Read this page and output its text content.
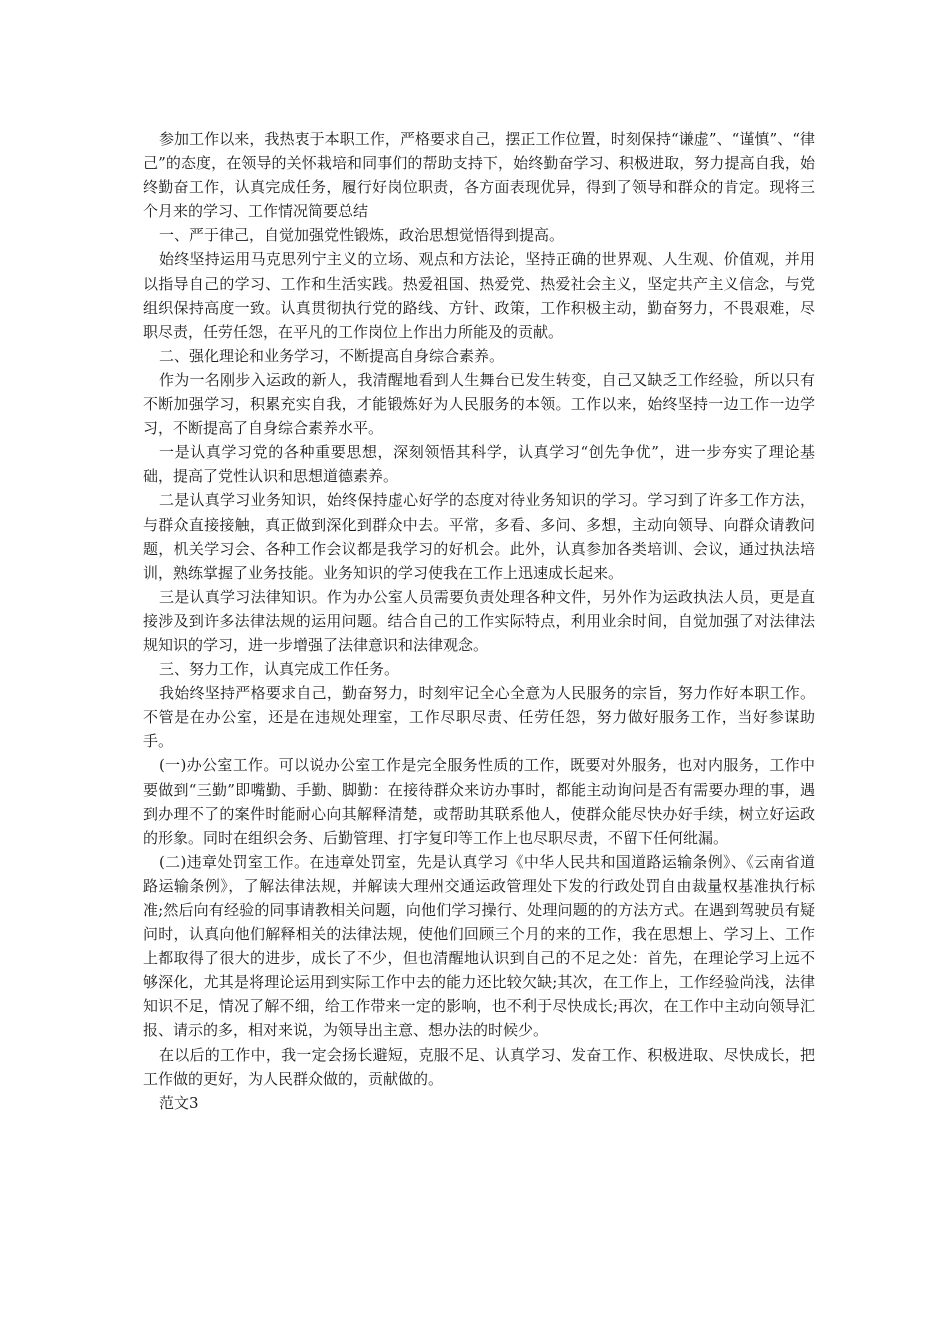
参加工作以来，我热衷于本职工作，严格要求自己，摆正工作位置，时刻保持“谦虚”、“谨慎”、“律己”的态度，在领导的关怀栽培和同事们的帮助支持下，始终勤奋学习、积极进取，努力提高自我，始终勤奋工作，认真完成任务，履行好岗位职责，各方面表现优异，得到了领导和群众的肯定。现将三个月来的学习、工作情况简要总结

一、严于律己，自觉加强党性锻炼，政治思想觉悟得到提高。

始终坚持运用马克思列宁主义的立场、观点和方法论，坚持正确的世界观、人生观、价值观，并用以指导自己的学习、工作和生活实践。热爱祖国、热爱党、热爱社会主义，坚定共产主义信念，与党组织保持高度一致。认真贯彻执行党的路线、方针、政策，工作积极主动，勤奋努力，不畏艰难，尽职尽责，任劳任怨，在平凡的工作岗位上作出力所能及的贡献。

二、强化理论和业务学习，不断提高自身综合素养。

作为一名刚步入运政的新人，我清醒地看到人生舞台已发生转变，自己又缺乏工作经验，所以只有不断加强学习，积累充实自我，才能锻炼好为人民服务的本领。工作以来，始终坚持一边工作一边学习，不断提高了自身综合素养水平。

一是认真学习党的各种重要思想，深刻领悟其科学，认真学习“创先争优”，进一步夯实了理论基础，提高了党性认识和思想道德素养。

二是认真学习业务知识，始终保持虚心好学的态度对待业务知识的学习。学习到了许多工作方法，与群众直接接触，真正做到深化到群众中去。平常，多看、多问、多想，主动向领导、向群众请教问题，机关学习会、各种工作会议都是我学习的好机会。此外，认真参加各类培训、会议，通过执法培训，熟练掌握了业务技能。业务知识的学习使我在工作上迅速成长起来。

三是认真学习法律知识。作为办公室人员需要负责处理各种文件，另外作为运政执法人员，更是直接涉及到许多法律法规的运用问题。结合自己的工作实际特点，利用业余时间，自觉加强了对法律法规知识的学习，进一步增强了法律意识和法律观念。

三、努力工作，认真完成工作任务。

我始终坚持严格要求自己，勤奋努力，时刻牢记全心全意为人民服务的宗旨，努力作好本职工作。不管是在办公室，还是在违规处理室，工作尽职尽责、任劳任怨，努力做好服务工作，当好参谋助手。

(一)办公室工作。可以说办公室工作是完全服务性质的工作，既要对外服务，也对内服务，工作中要做到“三勤”即嘴勤、手勤、脚勤：在接待群众来访办事时，都能主动询问是否有需要办理的事，遇到办理不了的案件时能耐心向其解释清楚，或帮助其联系他人，使群众能尽快办好手续，树立好运政的形象。同时在组织会务、后勤管理、打字复印等工作上也尽职尽责，不留下任何纰漏。

(二)违章处罚室工作。在违章处罚室，先是认真学习《中华人民共和国道路运输条例》、《云南省道路运输条例》，了解法律法规，并解读大理州交通运政管理处下发的行政处罚自由裁量权基准执行标准;然后向有经验的同事请教相关问题，向他们学习操行、处理问题的的方法方式。在遇到驾驶员有疑问时，认真向他们解释相关的法律法规，使他们回顾三个月的来的工作，我在思想上、学习上、工作上都取得了很大的进步，成长了不少，但也清醒地认识到自己的不足之处：首先，在理论学习上远不够深化，尤其是将理论运用到实际工作中去的能力还比较欠缺;其次，在工作上，工作经验尚浅，法律知识不足，情况了解不细，给工作带来一定的影响，也不利于尽快成长;再次，在工作中主动向领导汇报、请示的多，相对来说，为领导出主意、想办法的时候少。

在以后的工作中，我一定会扬长避短，克服不足、认真学习、发奋工作、积极进取、尽快成长，把工作做的更好，为人民群众做的，贡献做的。

范文3
